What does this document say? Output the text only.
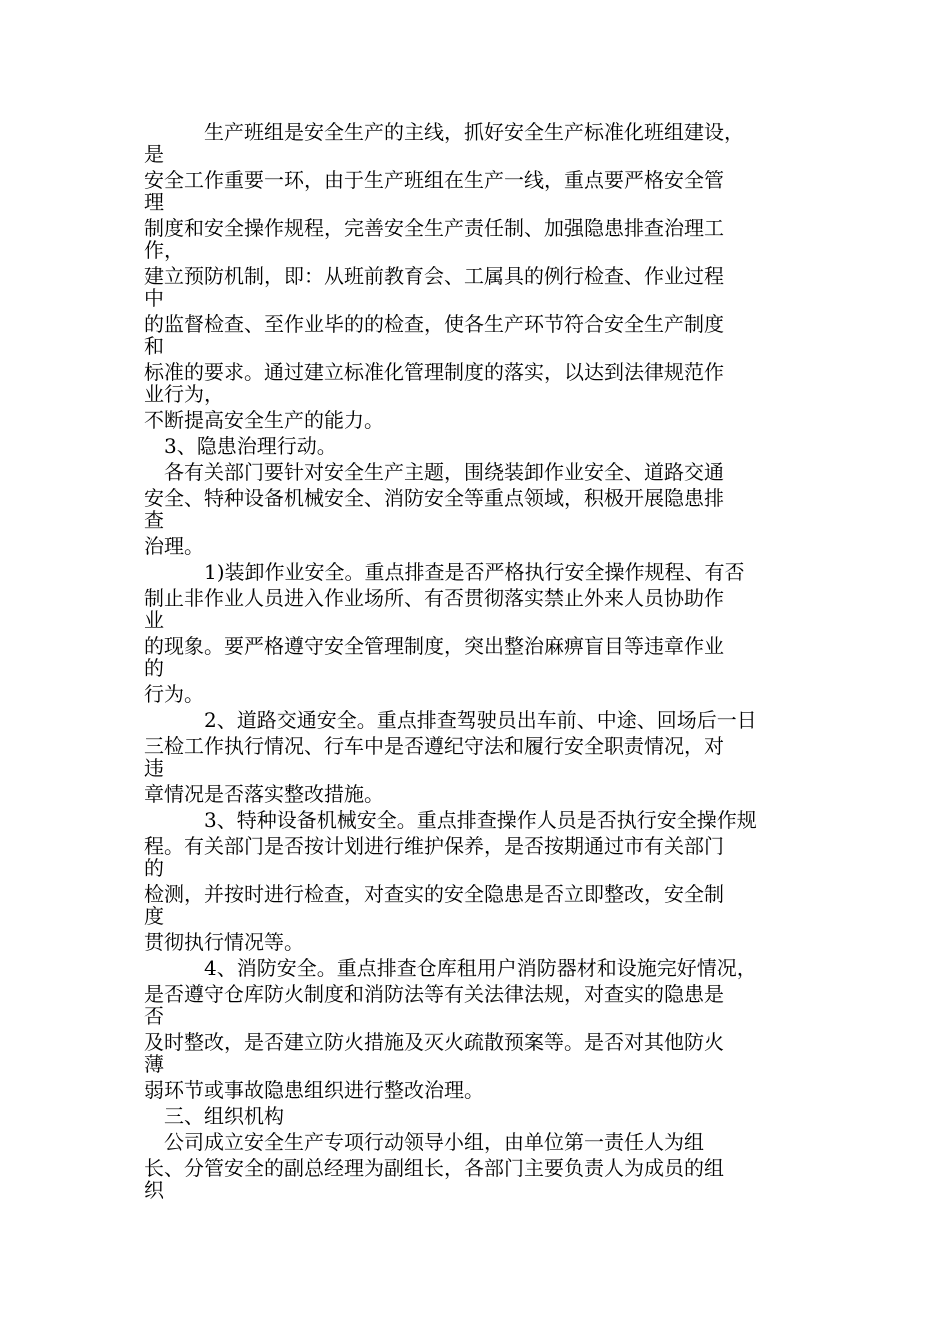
　　　生产班组是安全生产的主线，抓好安全生产标准化班组建设，
是
安全工作重要一环，由于生产班组在生产一线，重点要严格安全管
理
制度和安全操作规程，完善安全生产责任制、加强隐患排查治理工
作，
建立预防机制，即：从班前教育会、工属具的例行检查、作业过程
中
的监督检查、至作业毕的的检查，使各生产环节符合安全生产制度
和
标准的要求。通过建立标准化管理制度的落实，以达到法律规范作
业行为，
不断提高安全生产的能力。
　3、隐患治理行动。
　各有关部门要针对安全生产主题，围绕装卸作业安全、道路交通
安全、特种设备机械安全、消防安全等重点领域，积极开展隐患排
查
治理。
　　　1)装卸作业安全。重点排查是否严格执行安全操作规程、有否
制止非作业人员进入作业场所、有否贯彻落实禁止外来人员协助作
业
的现象。要严格遵守安全管理制度，突出整治麻痹盲目等违章作业
的
行为。
　　　2、道路交通安全。重点排查驾驶员出车前、中途、回场后一日
三检工作执行情况、行车中是否遵纪守法和履行安全职责情况，对
违
章情况是否落实整改措施。
　　　3、特种设备机械安全。重点排查操作人员是否执行安全操作规
程。有关部门是否按计划进行维护保养，是否按期通过市有关部门
的
检测，并按时进行检查，对查实的安全隐患是否立即整改，安全制
度
贯彻执行情况等。
　　　4、消防安全。重点排查仓库租用户消防器材和设施完好情况，
是否遵守仓库防火制度和消防法等有关法律法规，对查实的隐患是
否
及时整改，是否建立防火措施及灭火疏散预案等。是否对其他防火
薄
弱环节或事故隐患组织进行整改治理。
　三、组织机构
　公司成立安全生产专项行动领导小组，由单位第一责任人为组
长、分管安全的副总经理为副组长，各部门主要负责人为成员的组
织
